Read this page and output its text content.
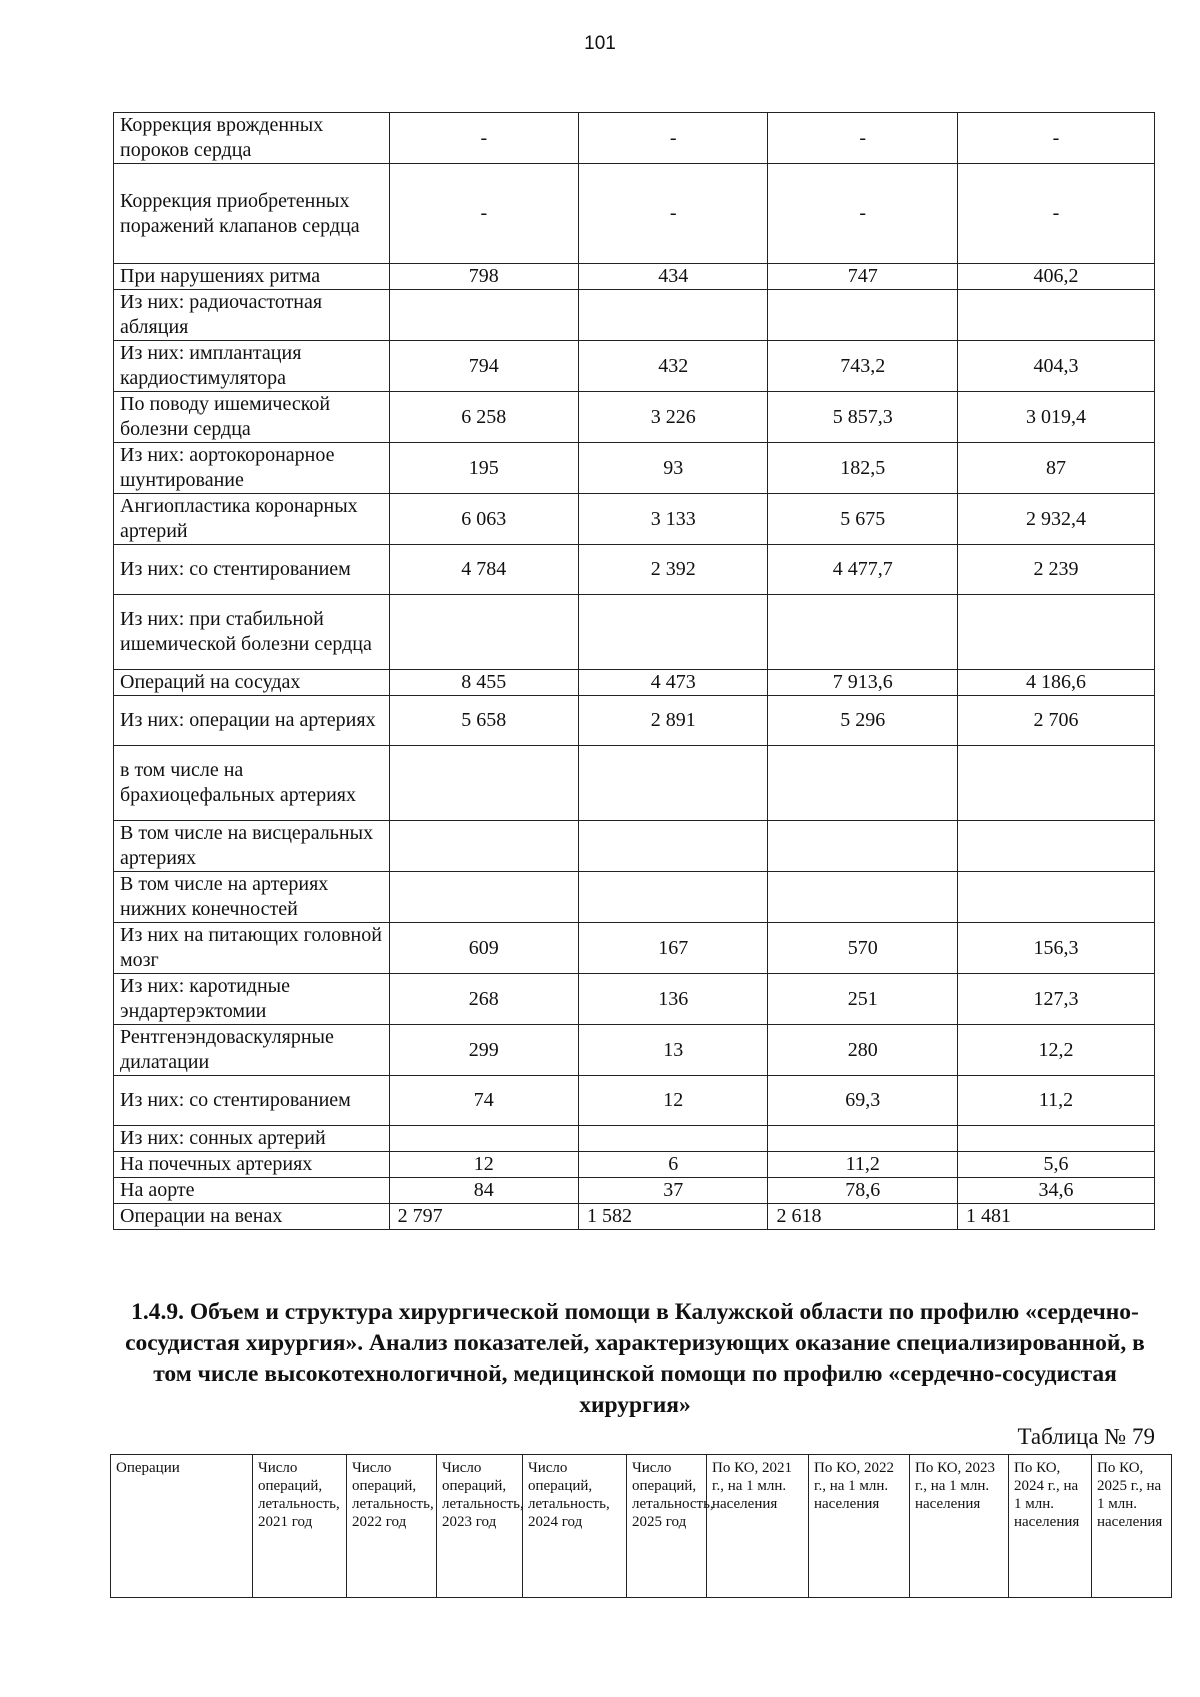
101
Коррекция врожденных пороков сердца	-	-	-	-
Коррекция приобретенных поражений клапанов сердца	-	-	-	-
При нарушениях ритма	798	434	747	406,2
Из них: радиочастотная абляция				
Из них: имплантация кардиостимулятора	794	432	743,2	404,3
По поводу ишемической болезни сердца	6 258	3 226	5 857,3	3 019,4
Из них: аортокоронарное шунтирование	195	93	182,5	87
Ангиопластика коронарных артерий	6 063	3 133	5 675	2 932,4
Из них: со стентированием	4 784	2 392	4 477,7	2 239
Из них: при стабильной ишемической болезни сердца				
Операций на сосудах	8 455	4 473	7 913,6	4 186,6
Из них: операции на артериях	5 658	2 891	5 296	2 706
в том числе на брахиоцефальных артериях				
В том числе на висцеральных артериях				
В том числе на артериях нижних конечностей				
Из них на питающих головной мозг	609	167	570	156,3
Из них: каротидные эндартерэктомии	268	136	251	127,3
Рентгенэндоваскулярные дилатации	299	13	280	12,2
Из них: со стентированием	74	12	69,3	11,2
Из них: сонных артерий				
На почечных артериях	12	6	11,2	5,6
На аорте	84	37	78,6	34,6
Операции на венах	2 797	1 582	2 618	1 481
1.4.9. Объем и структура хирургической помощи в Калужской области по профилю «сердечно-сосудистая хирургия». Анализ показателей, характеризующих оказание специализированной, в том числе высокотехнологичной, медицинской помощи по профилю «сердечно-сосудистая хирургия»
Таблица № 79
Операции	Число операций, летальность, 2021 год	Число операций, летальность, 2022 год	Число операций, летальность, 2023 год	Число операций, летальность, 2024 год	Число операций, летальность, 2025 год	По КО, 2021 г., на 1 млн. населения	По КО, 2022 г., на 1 млн. населения	По КО, 2023 г., на 1 млн. населения	По КО, 2024 г., на 1 млн. населения	По КО, 2025 г., на 1 млн. населения
